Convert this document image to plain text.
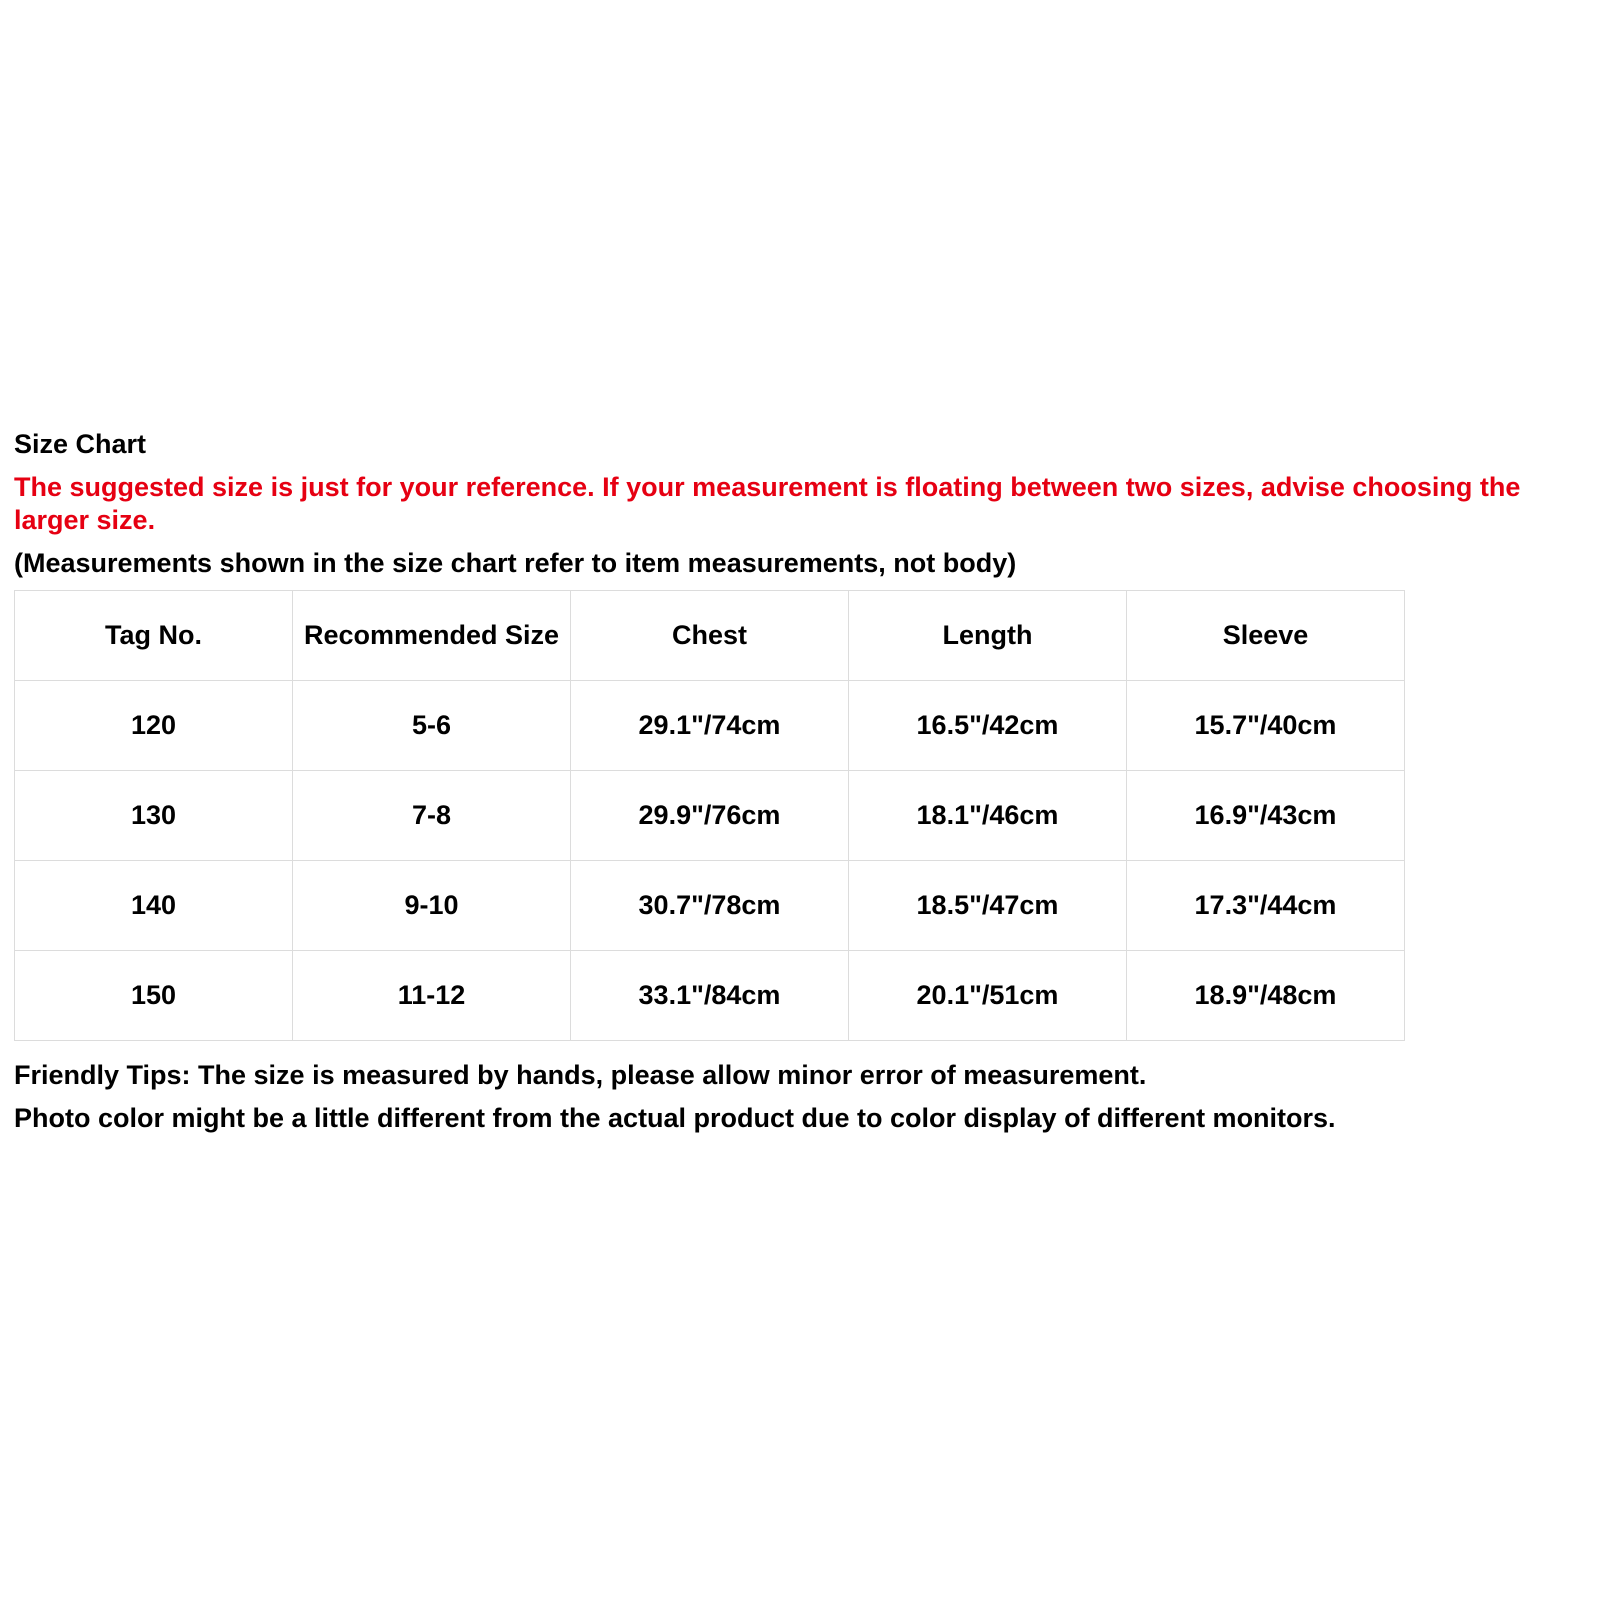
Size Chart
The suggested size is just for your reference. If your measurement is floating between two sizes, advise choosing the larger size.
(Measurements shown in the size chart refer to item measurements, not body)
Tag No.	Recommended Size	Chest	Length	Sleeve
120	5-6	29.1"/74cm	16.5"/42cm	15.7"/40cm
130	7-8	29.9"/76cm	18.1"/46cm	16.9"/43cm
140	9-10	30.7"/78cm	18.5"/47cm	17.3"/44cm
150	11-12	33.1"/84cm	20.1"/51cm	18.9"/48cm
Friendly Tips: The size is measured by hands, please allow minor error of measurement.
Photo color might be a little different from the actual product due to color display of different monitors.
